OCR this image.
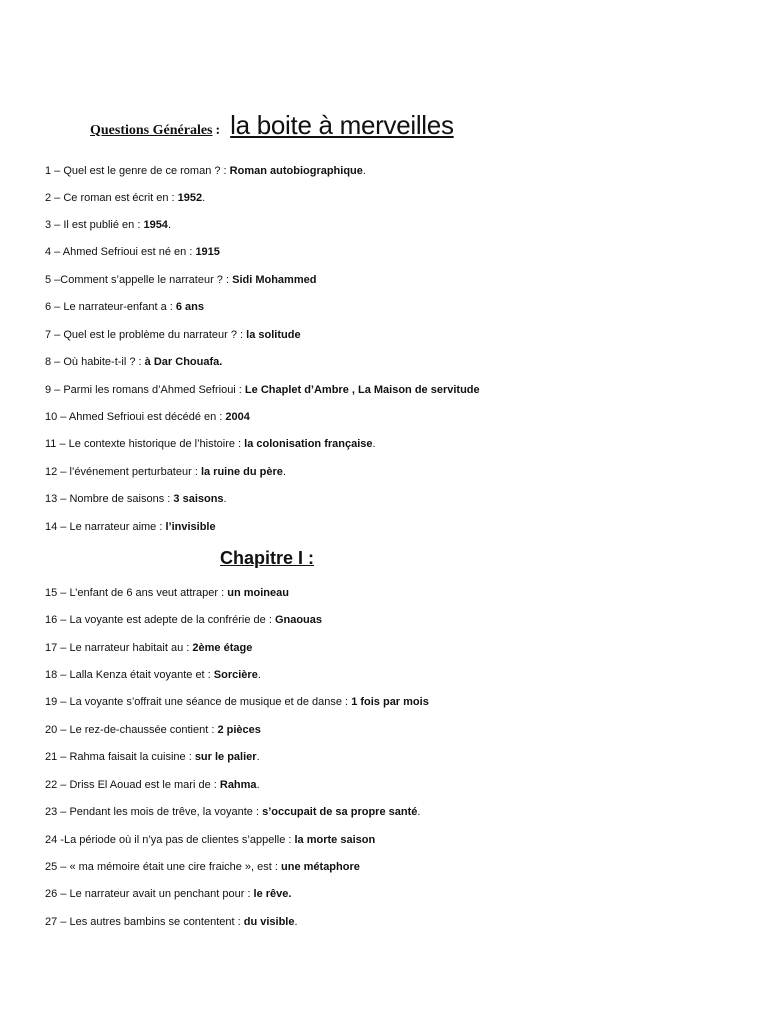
Questions Générales : la boite à merveilles
1 – Quel est le genre de ce roman ? : Roman autobiographique.
2 – Ce roman est écrit en : 1952.
3 – Il est publié en : 1954.
4 – Ahmed Sefrioui est né en : 1915
5 –Comment s’appelle le narrateur ? : Sidi Mohammed
6 – Le narrateur-enfant a : 6 ans
7 – Quel est le problème du narrateur ? : la solitude
8 – Où habite-t-il ? : à Dar Chouafa.
9 – Parmi les romans d’Ahmed Sefrioui : Le Chaplet d’Ambre , La Maison de servitude
10 – Ahmed Sefrioui est décédé en : 2004
11 – Le contexte historique de l’histoire : la colonisation française.
12 – l’événement perturbateur : la ruine du père.
13 – Nombre de saisons : 3 saisons.
14 – Le narrateur aime : l’invisible
Chapitre I :
15 – L’enfant de 6 ans veut attraper : un moineau
16 – La voyante est adepte de la confrérie de : Gnaouas
17 – Le narrateur habitait au : 2ème étage
18 – Lalla Kenza était voyante et : Sorcière.
19 – La voyante s’offrait une séance de musique et de danse : 1 fois par mois
20 – Le rez-de-chaussée contient : 2 pièces
21 – Rahma faisait la cuisine : sur le palier.
22 – Driss El Aouad est le mari de : Rahma.
23 – Pendant les mois de trêve, la voyante : s’occupait de sa propre santé.
24 -La période où il n’ya pas de clientes s’appelle : la morte saison
25 – « ma mémoire était une cire fraiche », est : une métaphore
26 – Le narrateur avait un penchant pour : le rêve.
27 – Les autres bambins se contentent : du visible.
